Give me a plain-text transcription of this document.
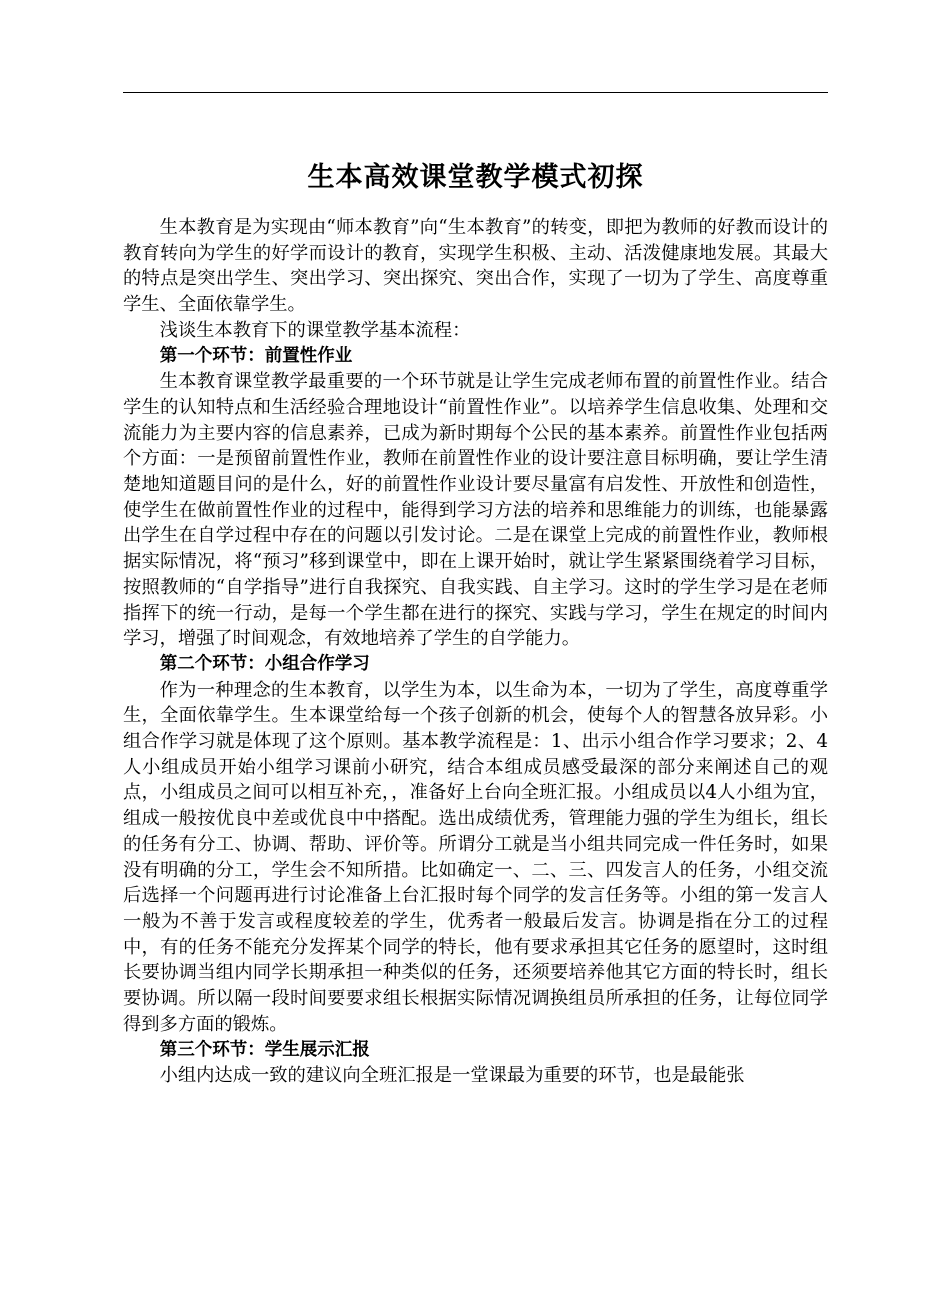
生本高效课堂教学模式初探

生本教育是为实现由“师本教育”向“生本教育”的转变，即把为教师的好教而设计的教育转向为学生的好学而设计的教育，实现学生积极、主动、活泼健康地发展。其最大的特点是突出学生、突出学习、突出探究、突出合作，实现了一切为了学生、高度尊重学生、全面依靠学生。

浅谈生本教育下的课堂教学基本流程：

第一个环节：前置性作业

生本教育课堂教学最重要的一个环节就是让学生完成老师布置的前置性作业。结合学生的认知特点和生活经验合理地设计“前置性作业”。以培养学生信息收集、处理和交流能力为主要内容的信息素养，已成为新时期每个公民的基本素养。前置性作业包括两个方面：一是预留前置性作业，教师在前置性作业的设计要注意目标明确，要让学生清楚地知道题目问的是什么，好的前置性作业设计要尽量富有启发性、开放性和创造性，使学生在做前置性作业的过程中，能得到学习方法的培养和思维能力的训练，也能暴露出学生在自学过程中存在的问题以引发讨论。二是在课堂上完成的前置性作业，教师根据实际情况，将“预习”移到课堂中，即在上课开始时，就让学生紧紧围绕着学习目标，按照教师的“自学指导”进行自我探究、自我实践、自主学习。这时的学生学习是在老师指挥下的统一行动，是每一个学生都在进行的探究、实践与学习，学生在规定的时间内学习，增强了时间观念，有效地培养了学生的自学能力。

第二个环节：小组合作学习

作为一种理念的生本教育，以学生为本，以生命为本，一切为了学生，高度尊重学生，全面依靠学生。生本课堂给每一个孩子创新的机会，使每个人的智慧各放异彩。小组合作学习就是体现了这个原则。基本教学流程是：1、出示小组合作学习要求；2、4人小组成员开始小组学习课前小研究，结合本组成员感受最深的部分来阐述自己的观点，小组成员之间可以相互补充，，准备好上台向全班汇报。小组成员以4人小组为宜，组成一般按优良中差或优良中中搭配。选出成绩优秀，管理能力强的学生为组长，组长的任务有分工、协调、帮助、评价等。所谓分工就是当小组共同完成一件任务时，如果没有明确的分工，学生会不知所措。比如确定一、二、三、四发言人的任务，小组交流后选择一个问题再进行讨论准备上台汇报时每个同学的发言任务等。小组的第一发言人一般为不善于发言或程度较差的学生，优秀者一般最后发言。协调是指在分工的过程中，有的任务不能充分发挥某个同学的特长，他有要求承担其它任务的愿望时，这时组长要协调当组内同学长期承担一种类似的任务，还须要培养他其它方面的特长时，组长要协调。所以隔一段时间要要求组长根据实际情况调换组员所承担的任务，让每位同学得到多方面的锻炼。

第三个环节：学生展示汇报

小组内达成一致的建议向全班汇报是一堂课最为重要的环节，也是最能张
